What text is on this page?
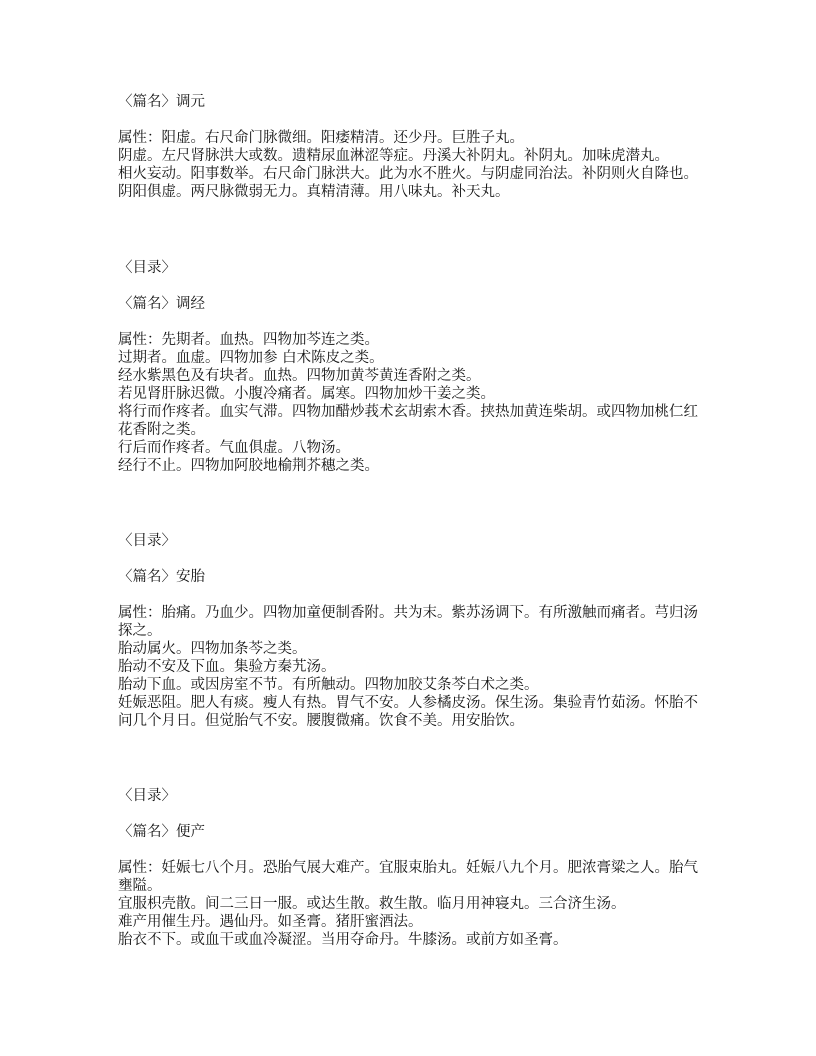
〈篇名〉调元

属性：阳虚。右尺命门脉微细。阳痿精清。还少丹。巨胜子丸。

阴虚。左尺肾脉洪大或数。遗精尿血淋涩等症。丹溪大补阴丸。补阴丸。加味虎潜丸。

相火妄动。阳事数举。右尺命门脉洪大。此为水不胜火。与阴虚同治法。补阴则火自降也。阴阳俱虚。两尺脉微弱无力。真精清薄。用八味丸。补天丸。

〈目录〉
〈篇名〉调经

属性：先期者。血热。四物加芩连之类。

过期者。血虚。四物加参 白术陈皮之类。

经水紫黑色及有块者。血热。四物加黄芩黄连香附之类。

若见肾肝脉迟微。小腹冷痛者。属寒。四物加炒干姜之类。

将行而作疼者。血实气滞。四物加醋炒莪术玄胡索木香。挟热加黄连柴胡。或四物加桃仁红花香附之类。

行后而作疼者。气血俱虚。八物汤。

经行不止。四物加阿胶地榆荆芥穗之类。

〈目录〉
〈篇名〉安胎

属性：胎痛。乃血少。四物加童便制香附。共为末。紫苏汤调下。有所激触而痛者。芎归汤探之。

胎动属火。四物加条芩之类。

胎动不安及下血。集验方秦艽汤。

胎动下血。或因房室不节。有所触动。四物加胶艾条芩白术之类。

妊娠恶阻。肥人有痰。瘦人有热。胃气不安。人参橘皮汤。保生汤。集验青竹茹汤。怀胎不问几个月日。但觉胎气不安。腰腹微痛。饮食不美。用安胎饮。

〈目录〉
〈篇名〉便产

属性：妊娠七八个月。恐胎气展大难产。宜服束胎丸。妊娠八九个月。肥浓膏粱之人。胎气壅隘。

宜服枳壳散。间二三日一服。或达生散。救生散。临月用神寝丸。三合济生汤。

难产用催生丹。遇仙丹。如圣膏。猪肝蜜酒法。

胎衣不下。或血干或血冷凝涩。当用夺命丹。牛膝汤。或前方如圣膏。
